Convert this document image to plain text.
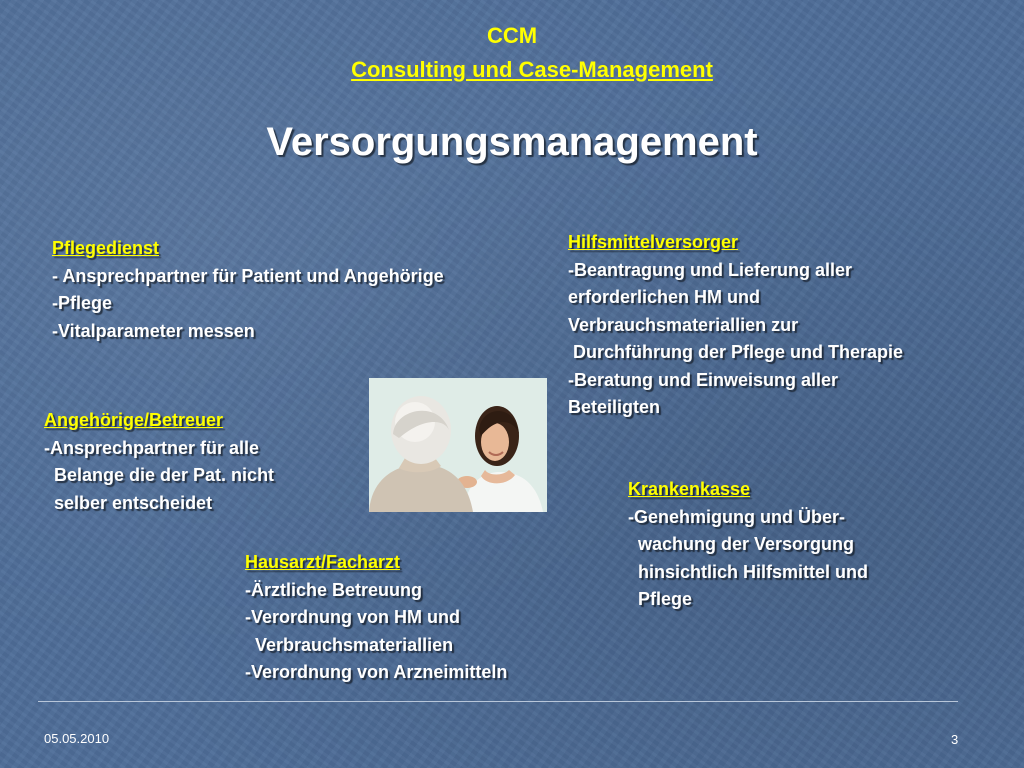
CCM
Consulting und Case-Management
Versorgungsmanagement
Pflegedienst
- Ansprechpartner für Patient und Angehörige
-Pflege
-Vitalparameter messen
Hilfsmittelversorger
-Beantragung und Lieferung aller
erforderlichen HM und
Verbrauchsmateriallien zur
Durchführung der Pflege und Therapie
-Beratung und Einweisung aller
Beteiligten
Angehörige/Betreuer
-Ansprechpartner für alle
Belange die der Pat. nicht
selber entscheidet
Krankenkasse
-Genehmigung und Über-
wachung der Versorgung
hinsichtlich Hilfsmittel und
Pflege
Hausarzt/Facharzt
-Ärztliche Betreuung
-Verordnung von HM und
Verbrauchsmateriallien
-Verordnung von Arzneimitteln
05.05.2010	3
